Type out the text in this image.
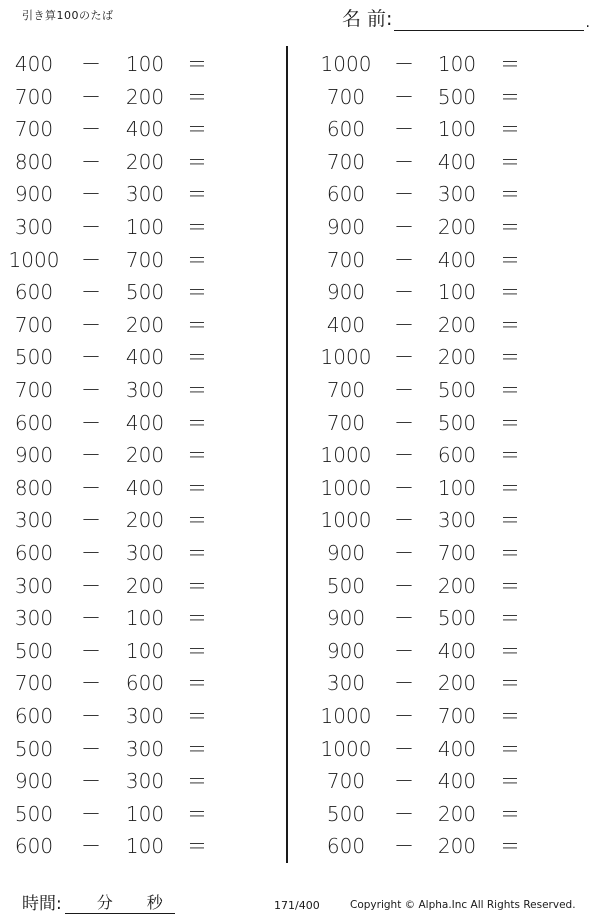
引き算100のたば	名 前:	.
400	－	100	＝
700	－	200	＝
700	－	400	＝
800	－	200	＝
900	－	300	＝
300	－	100	＝
1000 －	700	＝
600	－	500	＝
700	－	200	＝
500	－	400	＝
700	－	300	＝
600	－	400	＝
900	－	200	＝
800	－	400	＝
300	－	200	＝
600	－	300	＝
300	－	200	＝
300	－	100	＝
500	－	100	＝
700	－	600	＝
600	－	300	＝
500	－	300	＝
900	－	300	＝
500	－	100	＝
600	－	100	＝
1000 －	100	＝
700	－	500	＝
600	－	100	＝
700	－	400	＝
600	－	300	＝
900	－	200	＝
700	－	400	＝
900	－	100	＝
400	－	200	＝
1000 －	200	＝
700	－	500	＝
700	－	500	＝
1000 －	600	＝
1000 －	100	＝
1000 －	300	＝
900	－	700	＝
500	－	200	＝
900	－	500	＝
900	－	400	＝
300	－	200	＝
1000 －	700	＝
1000 －	400	＝
700	－	400	＝
500	－	200	＝
600	－	200	＝
時間: 分 秒	171/400	Copyright © Alpha.Inc All Rights Reserved.
